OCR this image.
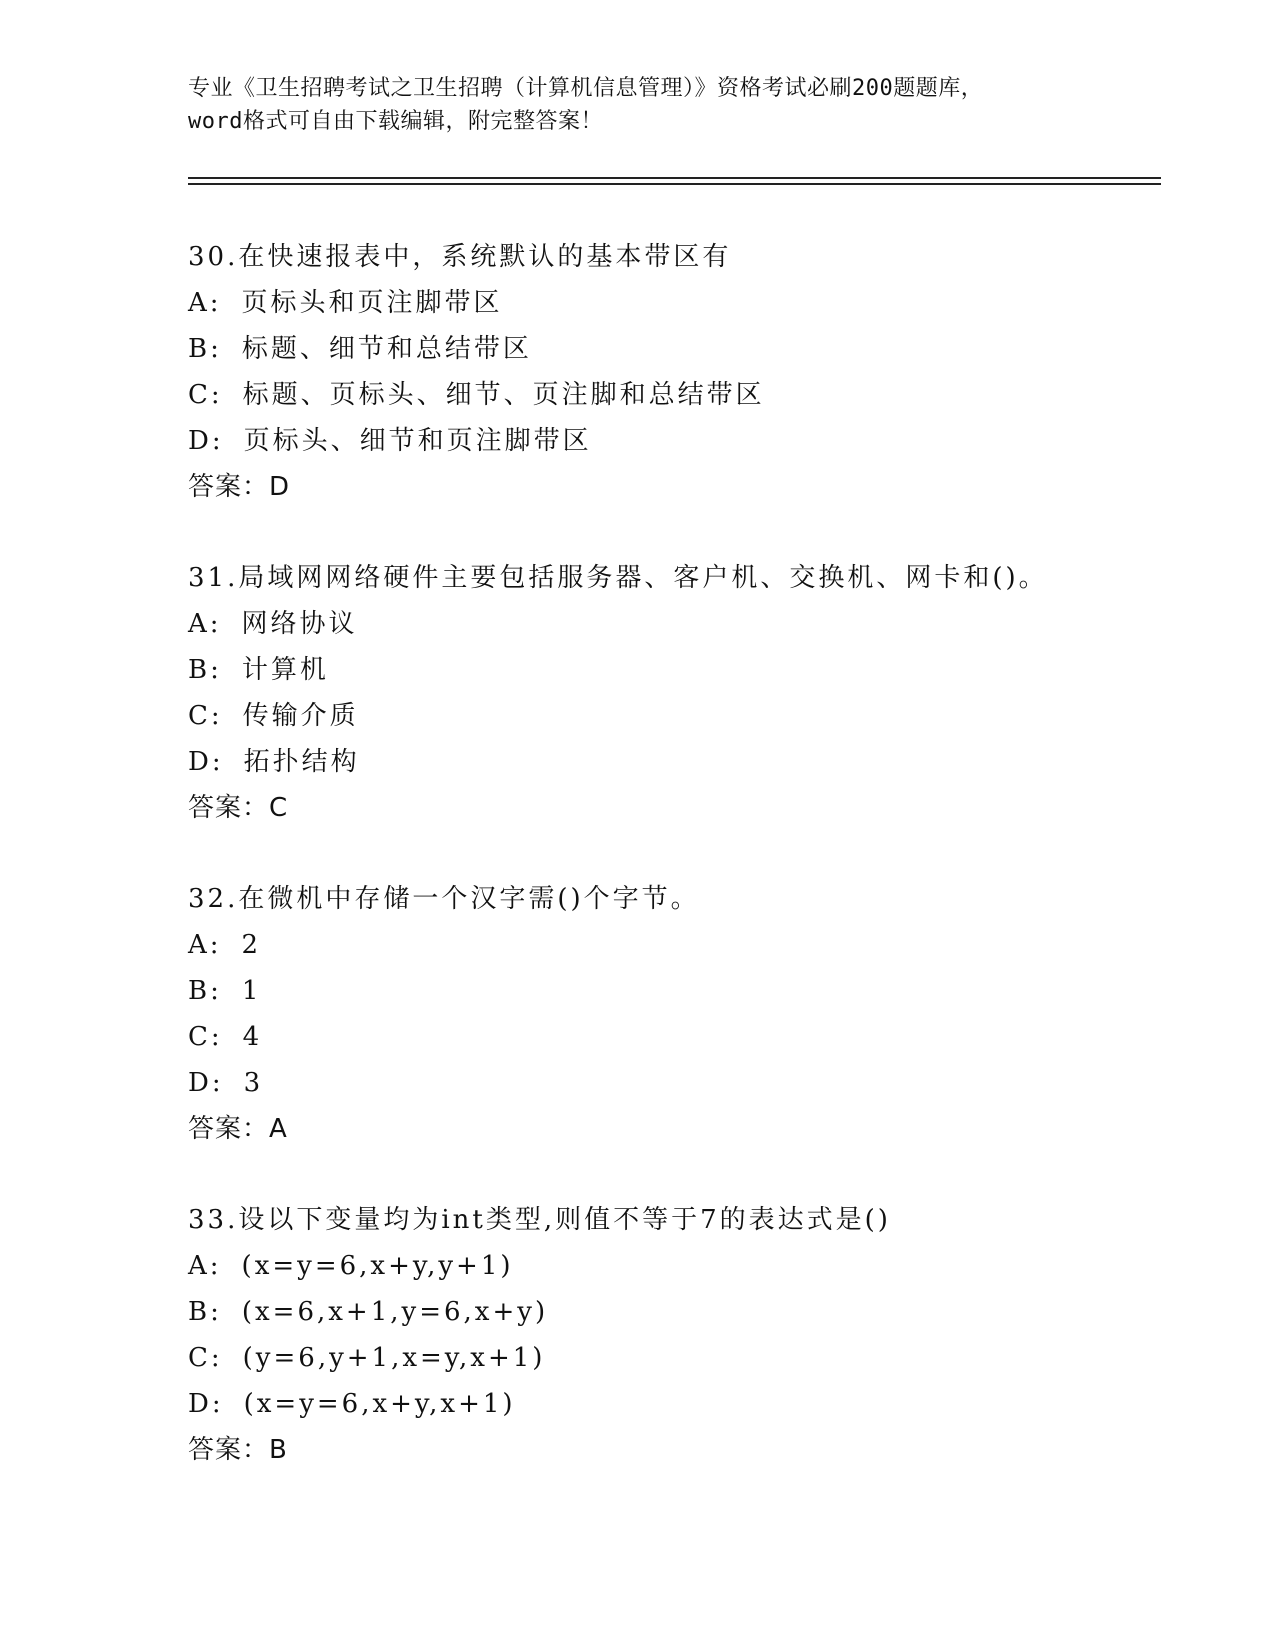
专业《卫生招聘考试之卫生招聘（计算机信息管理）》资格考试必刷200题题库，
word格式可自由下载编辑，附完整答案！
30.在快速报表中，系统默认的基本带区有
A: 页标头和页注脚带区
B: 标题、细节和总结带区
C: 标题、页标头、细节、页注脚和总结带区
D: 页标头、细节和页注脚带区
答案：D
31.局域网网络硬件主要包括服务器、客户机、交换机、网卡和()。
A: 网络协议
B: 计算机
C: 传输介质
D: 拓扑结构
答案：C
32.在微机中存储一个汉字需()个字节。
A: 2
B: 1
C: 4
D: 3
答案：A
33.设以下变量均为int类型,则值不等于7的表达式是()
A: (x=y=6,x+y,y+1)
B: (x=6,x+1,y=6,x+y)
C: (y=6,y+1,x=y,x+1)
D: (x=y=6,x+y,x+1)
答案：B
